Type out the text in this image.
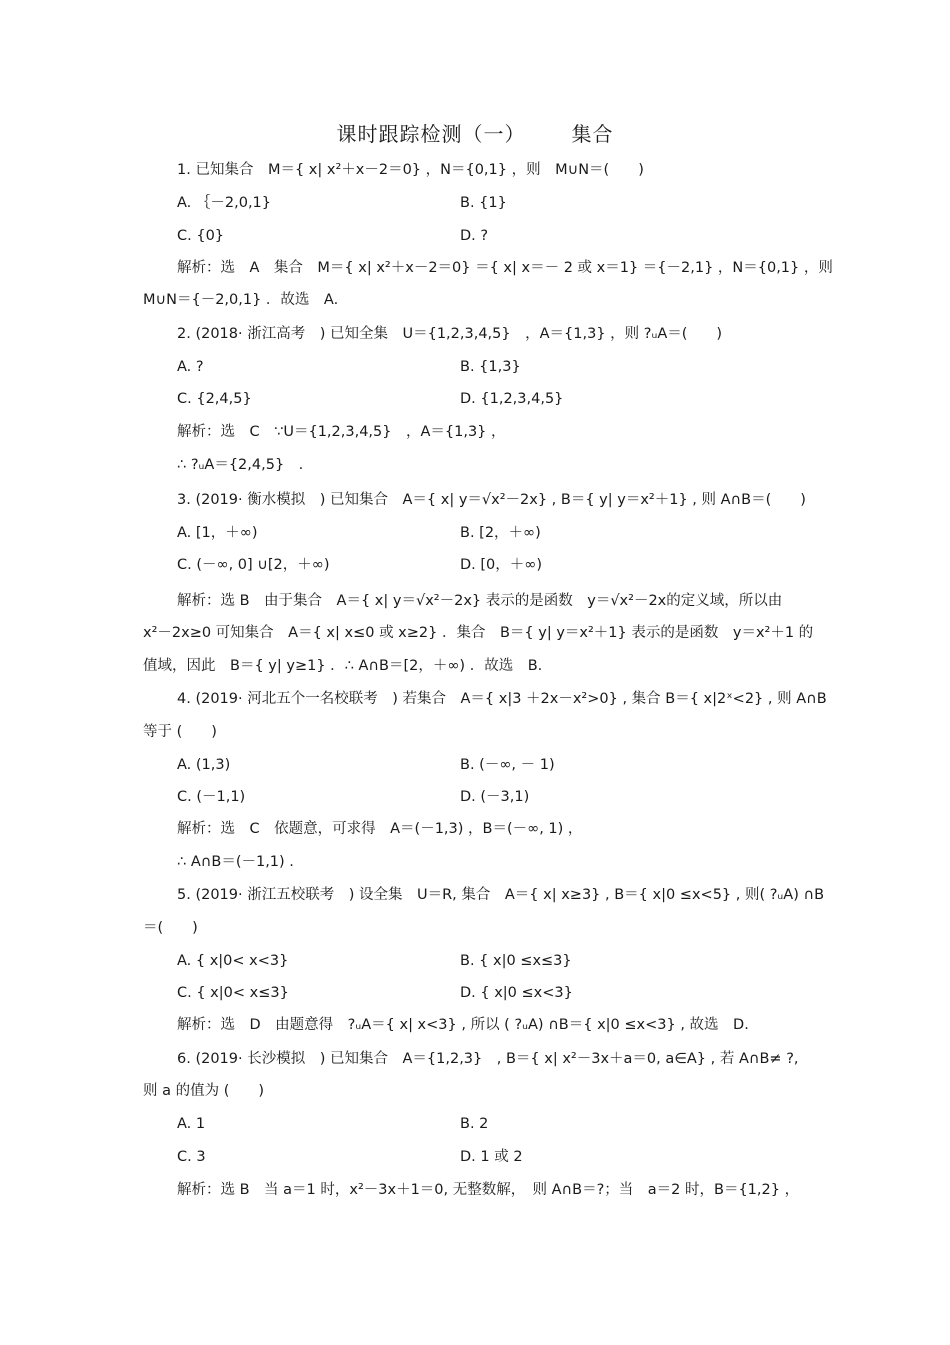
课时跟踪检测（一） 集合
1. 已知集合　M＝{ x| x²＋x－2＝0} ，N＝{0,1} ，则　M∪N＝(　　)
A. ｛－2,0,1}	B. {1}
C. {0}	D. ?
解析：选　A　集合　M＝{ x| x²＋x－2＝0} ＝{ x| x＝－ 2 或 x＝1} ＝{－2,1} ，N＝{0,1} ，则
M∪N＝{－2,0,1} ．故选　A.
2. (2018· 浙江高考　) 已知全集　U＝{1,2,3,4,5}　，A＝{1,3} ，则 ?ᵤA＝(　　)
A. ?	B. {1,3}
C. {2,4,5}	D. {1,2,3,4,5}
解析：选　C　∵U＝{1,2,3,4,5}　，A＝{1,3} ，
∴ ?ᵤA＝{2,4,5}　.
3. (2019· 衡水模拟　) 已知集合　A＝{ x| y＝√x²－2x} , B＝{ y| y＝x²＋1} , 则 A∩B＝(　　)
A. [1，＋∞)	B. [2，＋∞)
C. (－∞, 0] ∪[2，＋∞)	D. [0，＋∞)
解析：选 B　由于集合　A＝{ x| y＝√x²－2x} 表示的是函数　y＝√x²－2x的定义域，所以由
x²－2x≥0 可知集合　A＝{ x| x≤0 或 x≥2} ．集合　B＝{ y| y＝x²＋1} 表示的是函数　y＝x²＋1 的
值域，因此　B＝{ y| y≥1} ．∴ A∩B＝[2，＋∞) ．故选　B.
4. (2019· 河北五个一名校联考　) 若集合　A＝{ x|3 ＋2x－x²>0} , 集合 B＝{ x|2ˣ<2} , 则 A∩B
等于 (　　)
A. (1,3)	B. (－∞, － 1)
C. (－1,1)	D. (－3,1)
解析：选　C　依题意，可求得　A＝(－1,3) ，B＝(－∞, 1) ，
∴ A∩B＝(－1,1) .
5. (2019· 浙江五校联考　) 设全集　U＝R, 集合　A＝{ x| x≥3} , B＝{ x|0 ≤x<5} , 则( ?ᵤA) ∩B
＝(　　)
A. { x|0< x<3}	B. { x|0 ≤x≤3}
C. { x|0< x≤3}	D. { x|0 ≤x<3}
解析：选　D　由题意得　?ᵤA＝{ x| x<3} , 所以 ( ?ᵤA) ∩B＝{ x|0 ≤x<3} , 故选　D.
6. (2019· 长沙模拟　) 已知集合　A＝{1,2,3}　, B＝{ x| x²－3x＋a＝0, a∈A} , 若 A∩B≠ ?,
则 a 的值为 (　　)
A. 1	B. 2
C. 3	D. 1 或 2
解析：选 B　当 a＝1 时，x²－3x＋1＝0, 无整数解，　则 A∩B＝?；当　a＝2 时，B＝{1,2} ，
